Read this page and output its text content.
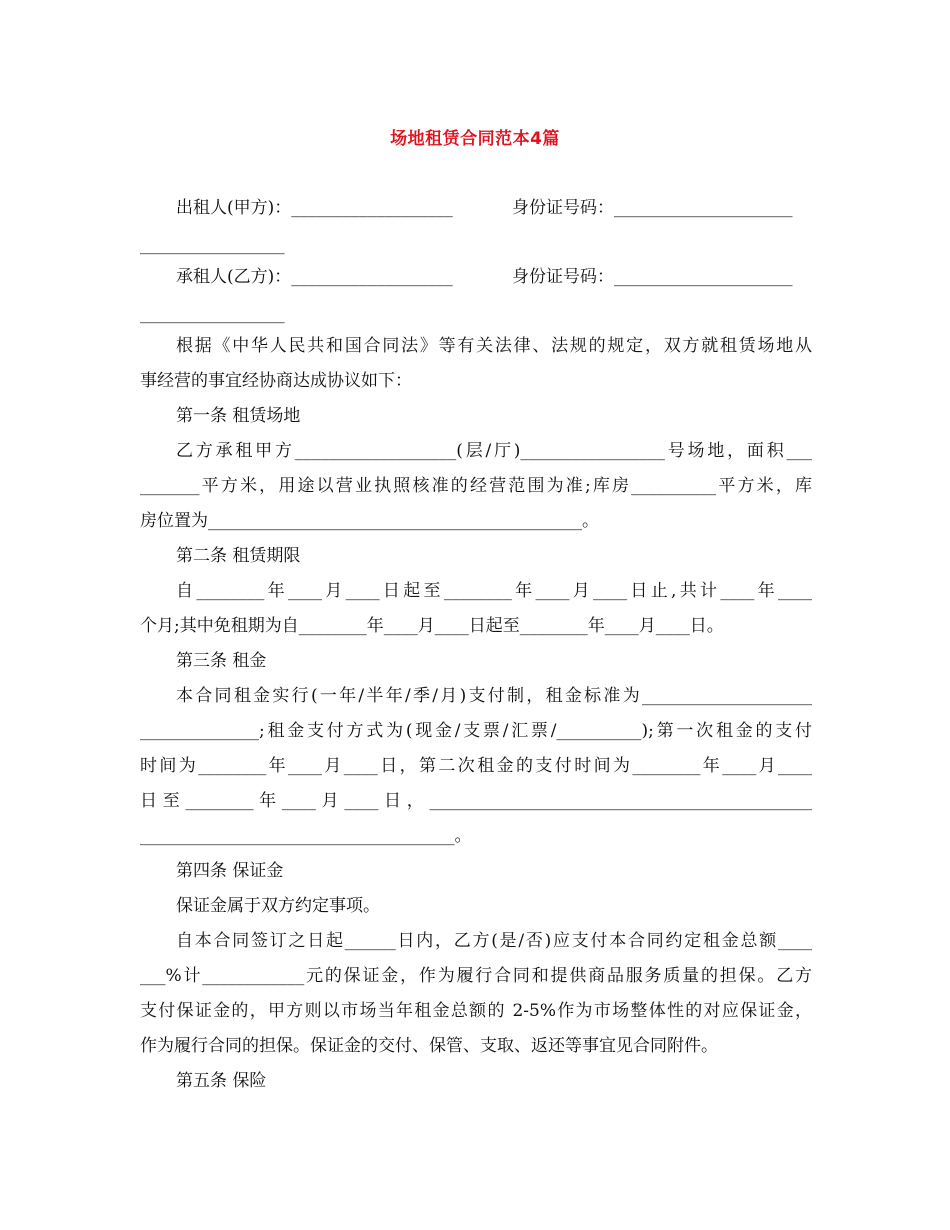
场地租赁合同范本4篇
出租人(甲方)：___________________	身份证号码：_____________________
_________________
承租人(乙方)：___________________	身份证号码：_____________________
_________________
根据《中华人民共和国合同法》等有关法律、法规的规定，双方就租赁场地从
事经营的事宜经协商达成协议如下：
第一条 租赁场地
乙方承租甲方___________________(层/厅)_________________号场地，面积___
_______平方米，用途以营业执照核准的经营范围为准;库房__________平方米，库
房位置为____________________________________________。
第二条 租赁期限
自________年____月____日起至________年____月____日止,共计____年____
个月;其中免租期为自________年____月____日起至________年____月____日。
第三条 租金
本合同租金实行(一年/半年/季/月)支付制，租金标准为____________________
______________;租金支付方式为(现金/支票/汇票/__________);第一次租金的支付
时间为________年____月____日，第二次租金的支付时间为________年____月____
日至________年____月____日，_____________________________________________
_____________________________________。
第四条 保证金
保证金属于双方约定事项。
自本合同签订之日起______日内，乙方(是/否)应支付本合同约定租金总额____
___%计____________元的保证金，作为履行合同和提供商品服务质量的担保。乙方
支付保证金的，甲方则以市场当年租金总额的 2-5%作为市场整体性的对应保证金，
作为履行合同的担保。保证金的交付、保管、支取、返还等事宜见合同附件。
第五条 保险
